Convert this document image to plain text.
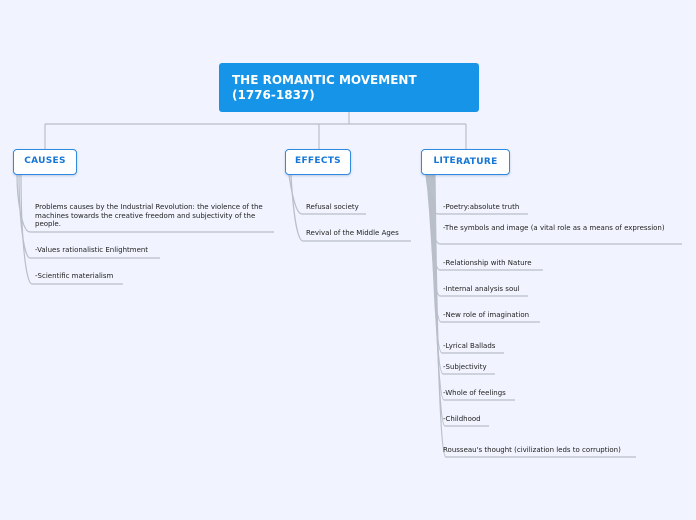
THE ROMANTIC MOVEMENT
(1776-1837)
CAUSES	EFFECTS	LITERATURE
Problems causes by the Industrial Revolution: the violence of the machines towards the creative freedom and subjectivity of the people.
-Values rationalistic Enlightment
-Scientific materialism
Refusal society
Revival of the Middle Ages
-Poetry:absolute truth
-The symbols and image (a vital role as a means of expression)
-Relationship with Nature
-Internal analysis soul
-New role of imagination
-Lyrical Ballads
-Subjectivity
-Whole of feelings
-Childhood
Rousseau's thought (civilization leds to corruption)
